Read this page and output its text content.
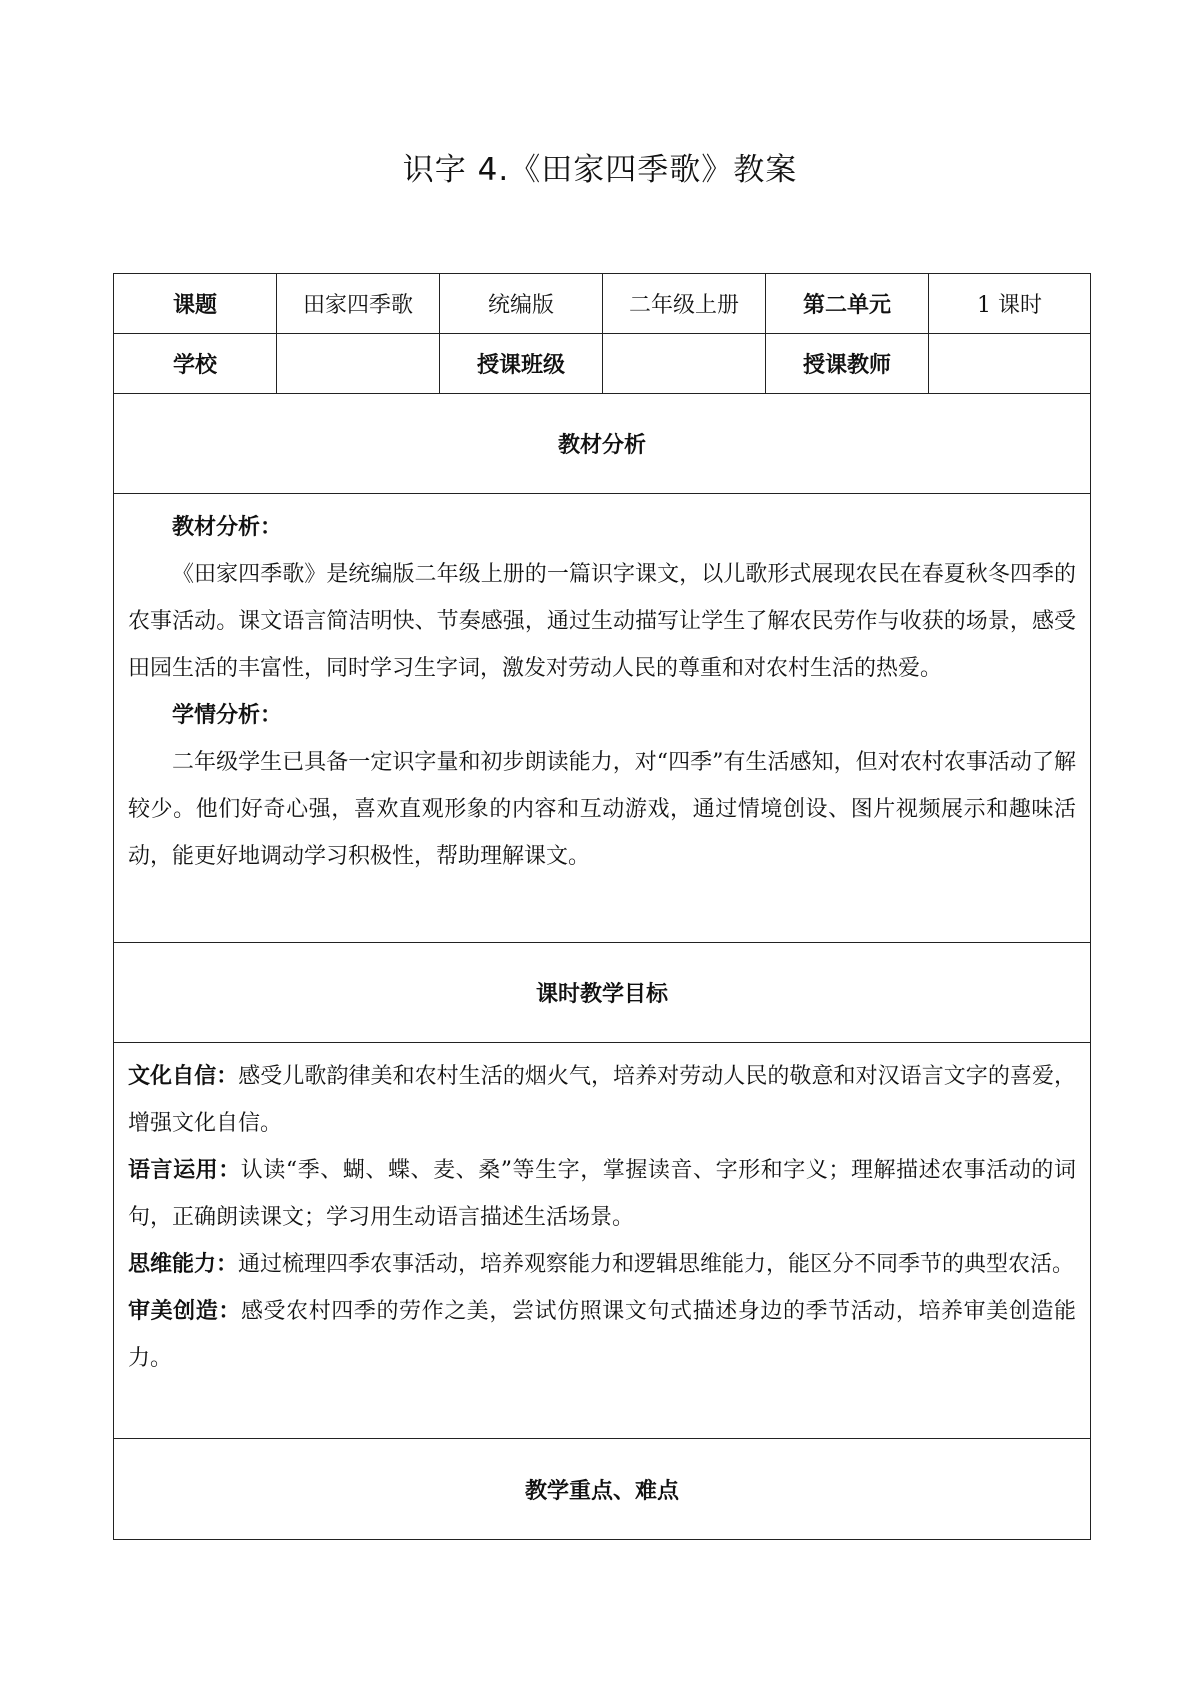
识字 4.《田家四季歌》教案
课题	田家四季歌	统编版	二年级上册	第二单元	1 课时
学校		授课班级		授课教师	
教材分析					

教材分析：

《田家四季歌》是统编版二年级上册的一篇识字课文，以儿歌形式展现农民在春夏秋冬四季的农事活动。课文语言简洁明快、节奏感强，通过生动描写让学生了解农民劳作与收获的场景，感受田园生活的丰富性，同时学习生字词，激发对劳动人民的尊重和对农村生活的热爱。

学情分析：

二年级学生已具备一定识字量和初步朗读能力，对“四季”有生活感知，但对农村农事活动了解较少。他们好奇心强，喜欢直观形象的内容和互动游戏，通过情境创设、图片视频展示和趣味活动，能更好地调动学习积极性，帮助理解课文。					

课时教学目标					

文化自信：感受儿歌韵律美和农村生活的烟火气，培养对劳动人民的敬意和对汉语言文字的喜爱，增强文化自信。

语言运用：认读“季、蝴、蝶、麦、桑”等生字，掌握读音、字形和字义；理解描述农事活动的词句，正确朗读课文；学习用生动语言描述生活场景。

思维能力：通过梳理四季农事活动，培养观察能力和逻辑思维能力，能区分不同季节的典型农活。

审美创造：感受农村四季的劳作之美，尝试仿照课文句式描述身边的季节活动，培养审美创造能力。					

教学重点、难点					
